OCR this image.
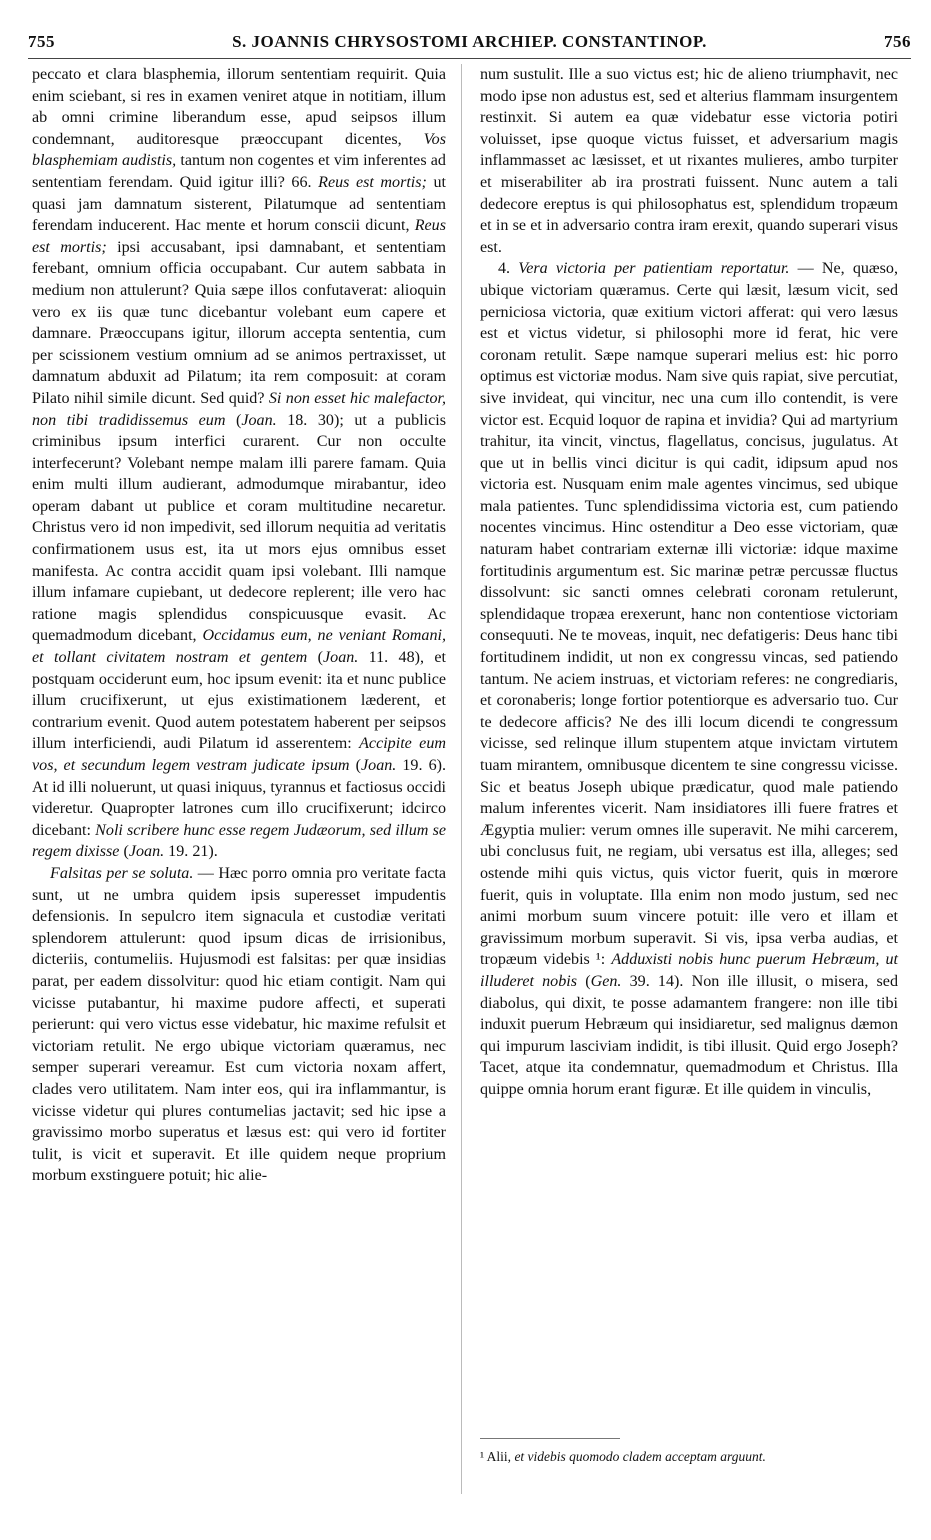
755	S. JOANNIS CHRYSOSTOMI ARCHIEP. CONSTANTINOP.	756

peccato et clara blasphemia, illorum sententiam requirit. Quia enim sciebant, si res in examen veniret atque in notitiam, illum ab omni crimine liberandum esse, apud seipsos illum condemnant, auditoresque præoccupant dicentes, Vos blasphemiam audistis, tantum non cogentes et vim inferentes ad sententiam ferendam. Quid igitur illi? 66. Reus est mortis; ut quasi jam damnatum sisterent, Pilatumque ad sententiam ferendam inducerent. Hac mente et horum conscii dicunt, Reus est mortis; ipsi accusabant, ipsi damnabant, et sententiam ferebant, omnium officia occupabant. Cur autem sabbata in medium non attulerunt? Quia sæpe illos confutaverat: alioquin vero ex iis quæ tunc dicebantur volebant eum capere et damnare. Præoccupans igitur, illorum accepta sententia, cum per scissionem vestium omnium ad se animos pertraxisset, ut damnatum abduxit ad Pilatum; ita rem composuit: at coram Pilato nihil simile dicunt. Sed quid? Si non esset hic malefactor, non tibi tradidissemus eum (Joan. 18. 30); ut a publicis criminibus ipsum interfici curarent. Cur non occulte interfecerunt? Volebant nempe malam illi parere famam. Quia enim multi illum audierant, admodumque mirabantur, ideo operam dabant ut publice et coram multitudine necaretur. Christus vero id non impedivit, sed illorum nequitia ad veritatis confirmationem usus est, ita ut mors ejus omnibus esset manifesta. Ac contra accidit quam ipsi volebant. Illi namque illum infamare cupiebant, ut dedecore replerent; ille vero hac ratione magis splendidus conspicuusque evasit. Ac quemadmodum dicebant, Occidamus eum, ne veniant Romani, et tollant civitatem nostram et gentem (Joan. 11. 48), et postquam occiderunt eum, hoc ipsum evenit: ita et nunc publice illum crucifixerunt, ut ejus existimationem læderent, et contrarium evenit. Quod autem potestatem haberent per seipsos illum interficiendi, audi Pilatum id asserentem: Accipite eum vos, et secundum legem vestram judicate ipsum (Joan. 19. 6). At id illi noluerunt, ut quasi iniquus, tyrannus et factiosus occidi videretur. Quapropter latrones cum illo crucifixerunt; idcirco dicebant: Noli scribere hunc esse regem Judæorum, sed illum se regem dixisse (Joan. 19. 21).

Falsitas per se soluta. — Hæc porro omnia pro veritate facta sunt, ut ne umbra quidem ipsis superesset impudentis defensionis. In sepulcro item signacula et custodiæ veritati splendorem attulerunt: quod ipsum dicas de irrisionibus, dicteriis, contumeliis. Hujusmodi est falsitas: per quæ insidias parat, per eadem dissolvitur: quod hic etiam contigit. Nam qui vicisse putabantur, hi maxime pudore affecti, et superati perierunt: qui vero victus esse videbatur, hic maxime refulsit et victoriam retulit. Ne ergo ubique victoriam quæramus, nec semper superari vereamur. Est cum victoria noxam affert, clades vero utilitatem. Nam inter eos, qui ira inflammantur, is vicisse videtur qui plures contumelias jactavit; sed hic ipse a gravissimo morbo superatus et læsus est: qui vero id fortiter tulit, is vicit et superavit. Et ille quidem neque proprium morbum exstinguere potuit; hic alie-

num sustulit. Ille a suo victus est; hic de alieno triumphavit, nec modo ipse non adustus est, sed et alterius flammam insurgentem restinxit. Si autem ea quæ videbatur esse victoria potiri voluisset, ipse quoque victus fuisset, et adversarium magis inflammasset ac læsisset, et ut rixantes mulieres, ambo turpiter et miserabiliter ab ira prostrati fuissent. Nunc autem a tali dedecore ereptus is qui philosophatus est, splendidum tropæum et in se et in adversario contra iram erexit, quando superari visus est.

4. Vera victoria per patientiam reportatur. — Ne, quæso, ubique victoriam quæramus. Certe qui læsit, læsum vicit, sed perniciosa victoria, quæ exitium victori afferat: qui vero læsus est et victus videtur, si philosophi more id ferat, hic vere coronam retulit. Sæpe namque superari melius est: hic porro optimus est victoriæ modus. Nam sive quis rapiat, sive percutiat, sive invideat, qui vincitur, nec una cum illo contendit, is vere victor est. Ecquid loquor de rapina et invidia? Qui ad martyrium trahitur, ita vincit, vinctus, flagellatus, concisus, jugulatus. At que ut in bellis vinci dicitur is qui cadit, idipsum apud nos victoria est. Nusquam enim male agentes vincimus, sed ubique mala patientes. Tunc splendidissima victoria est, cum patiendo nocentes vincimus. Hinc ostenditur a Deo esse victoriam, quæ naturam habet contrariam externæ illi victoriæ: idque maxime fortitudinis argumentum est. Sic marinæ petræ percussæ fluctus dissolvunt: sic sancti omnes celebrati coronam retulerunt, splendidaque tropæa erexerunt, hanc non contentiose victoriam consequuti. Ne te moveas, inquit, nec defatigeris: Deus hanc tibi fortitudinem indidit, ut non ex congressu vincas, sed patiendo tantum. Ne aciem instruas, et victoriam referes: ne congrediaris, et coronaberis; longe fortior potentiorque es adversario tuo. Cur te dedecore afficis? Ne des illi locum dicendi te congressum vicisse, sed relinque illum stupentem atque invictam virtutem tuam mirantem, omnibusque dicentem te sine congressu vicisse. Sic et beatus Joseph ubique prædicatur, quod male patiendo malum inferentes vicerit. Nam insidiatores illi fuere fratres et Ægyptia mulier: verum omnes ille superavit. Ne mihi carcerem, ubi conclusus fuit, ne regiam, ubi versatus est illa, alleges; sed ostende mihi quis victus, quis victor fuerit, quis in mœrore fuerit, quis in voluptate. Illa enim non modo justum, sed nec animi morbum suum vincere potuit: ille vero et illam et gravissimum morbum superavit. Si vis, ipsa verba audias, et tropæum videbis ¹: Adduxisti nobis hunc puerum Hebræum, ut illuderet nobis (Gen. 39. 14). Non ille illusit, o misera, sed diabolus, qui dixit, te posse adamantem frangere: non ille tibi induxit puerum Hebræum qui insidiaretur, sed malignus dæmon qui impurum lasciviam indidit, is tibi illusit. Quid ergo Joseph? Tacet, atque ita condemnatur, quemadmodum et Christus. Illa quippe omnia horum erant figuræ. Et ille quidem in vinculis,

¹ Alii, et videbis quomodo cladem acceptam arguunt.
